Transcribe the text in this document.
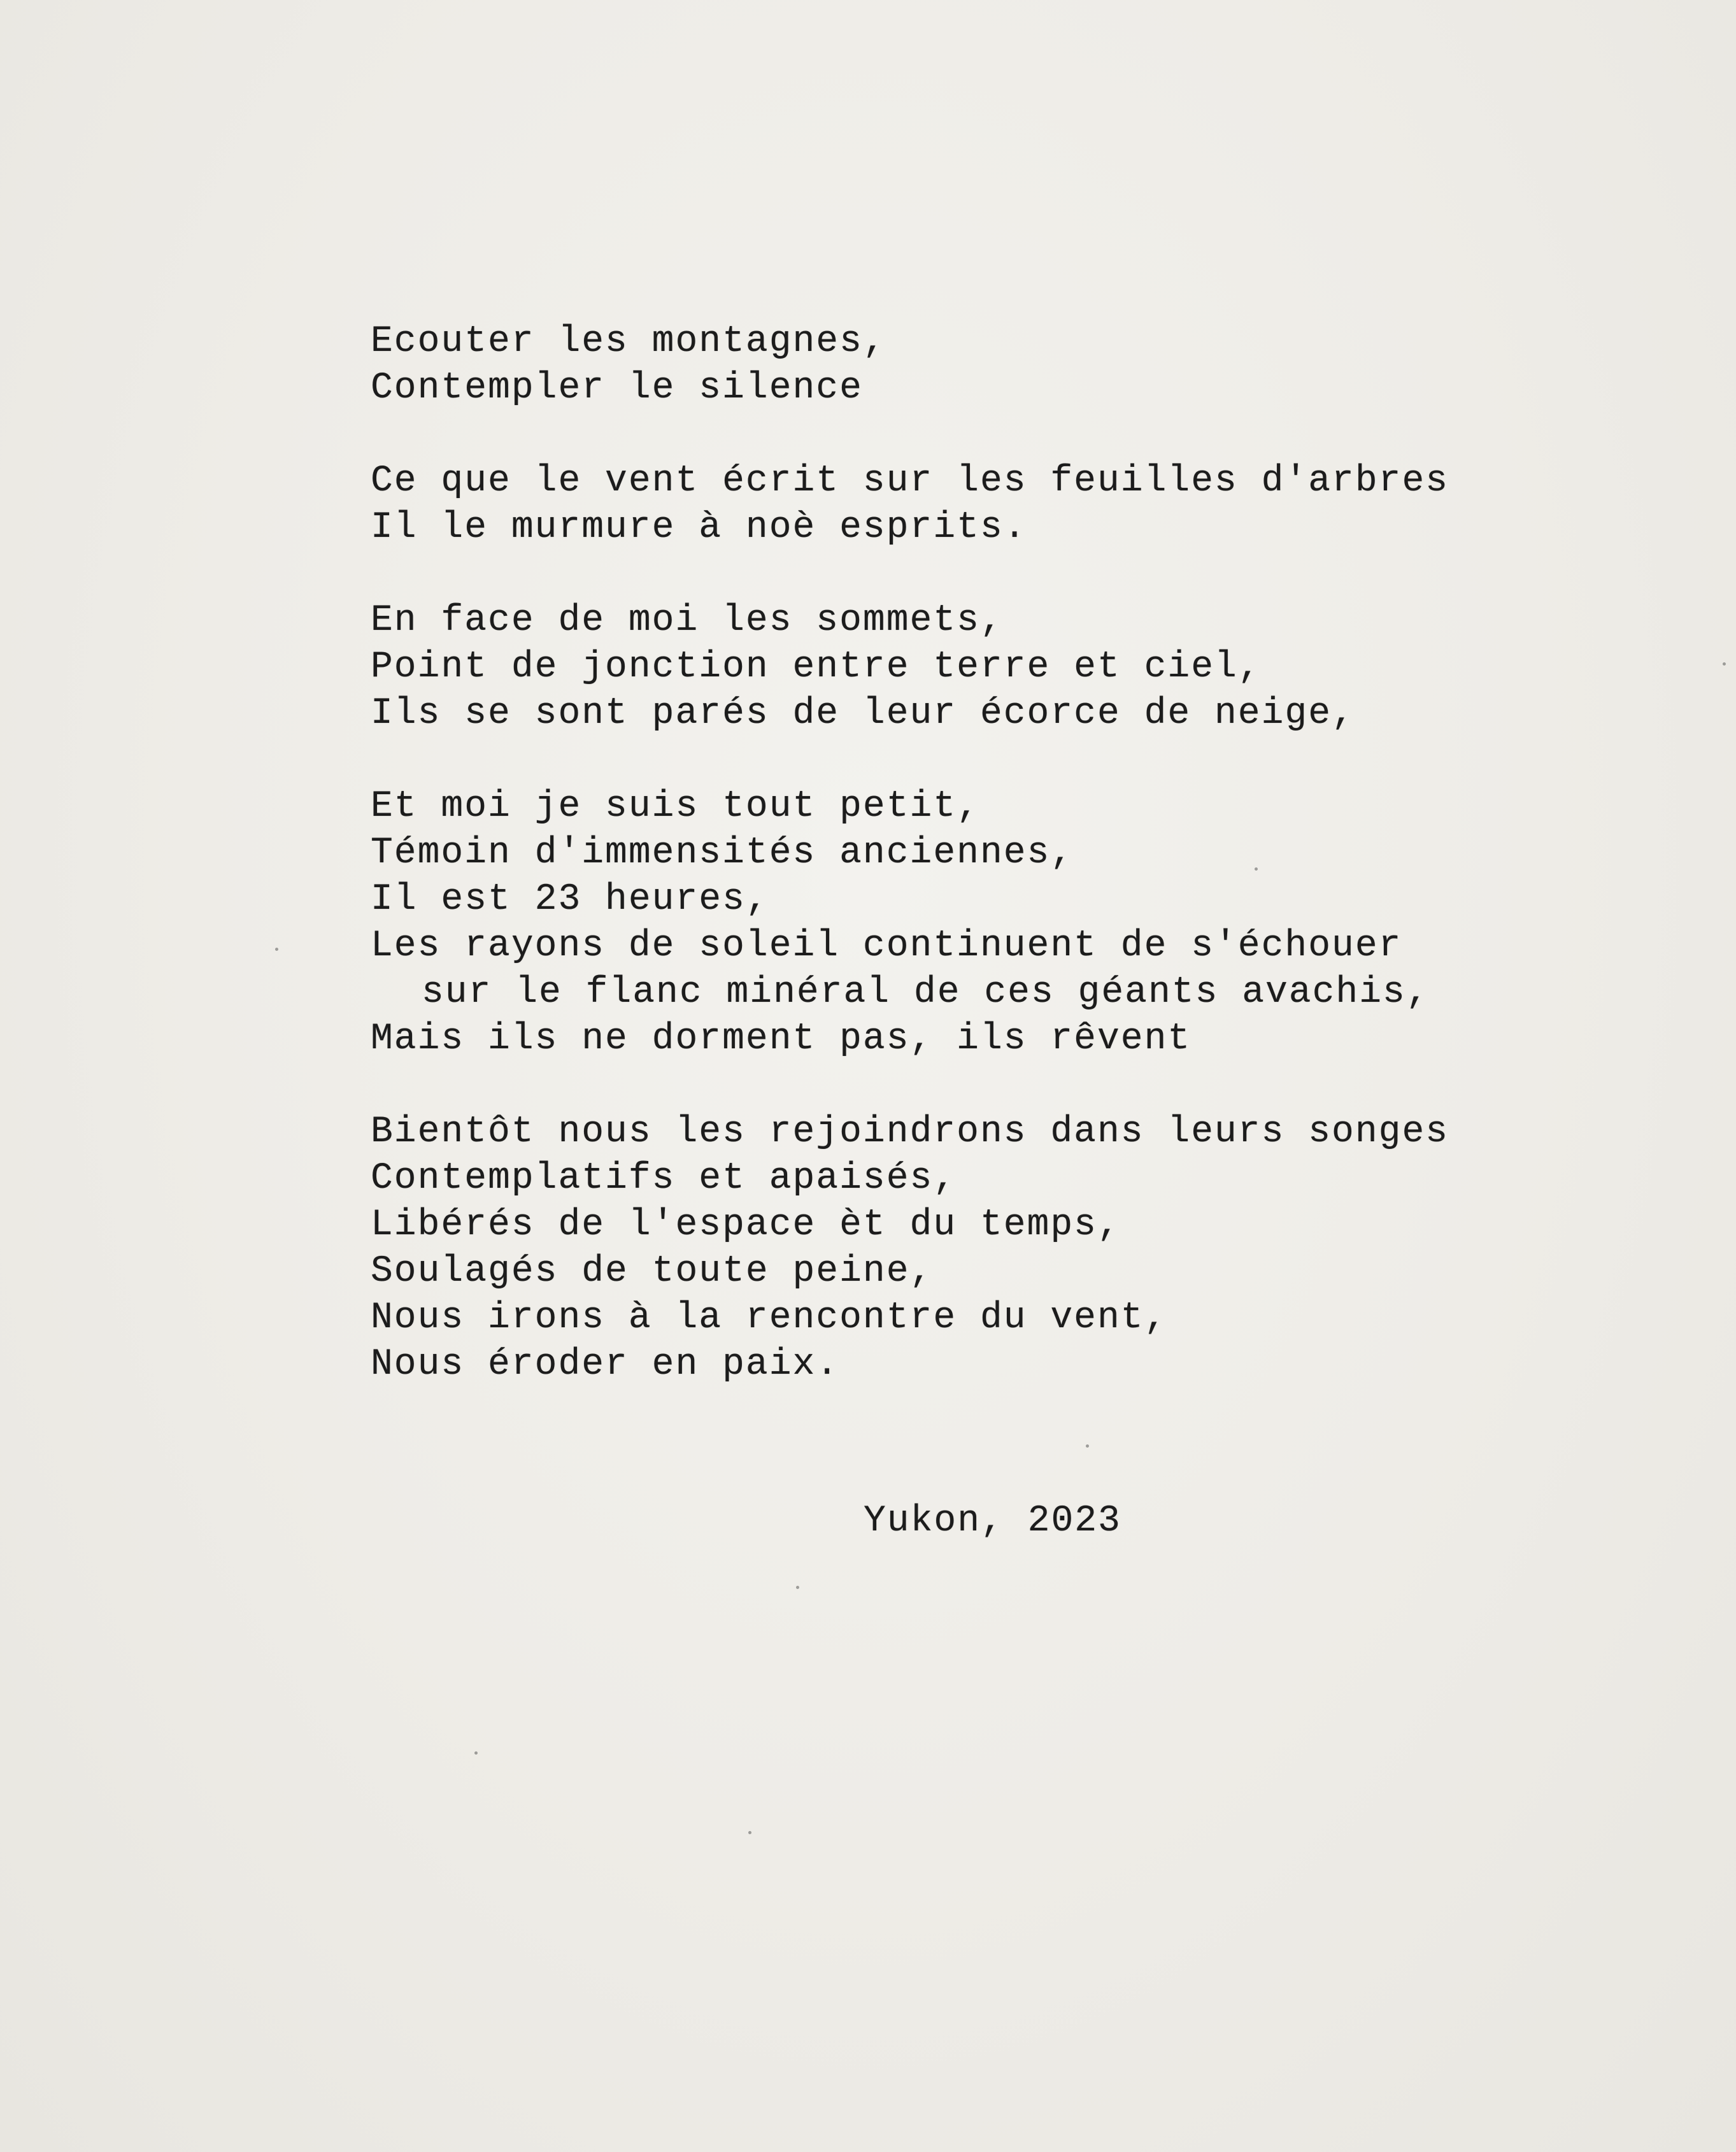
Ecouter les montagnes,
Contempler le silence
Ce que le vent écrit sur les feuilles d'arbres
Il le murmure à noè esprits.
En face de moi les sommets,
Point de jonction entre terre et ciel,
Ils se sont parés de leur écorce de neige,
Et moi je suis tout petit,
Témoin d'immensités anciennes,
Il est 23 heures,
Les rayons de soleil continuent de s'échouer
sur le flanc minéral de ces géants avachis,
Mais ils ne dorment pas, ils rêvent
Bientôt nous les rejoindrons dans leurs songes
Contemplatifs et apaisés,
Libérés de l'espace èt du temps,
Soulagés de toute peine,
Nous irons à la rencontre du vent,
Nous éroder en paix.
Yukon, 2023
